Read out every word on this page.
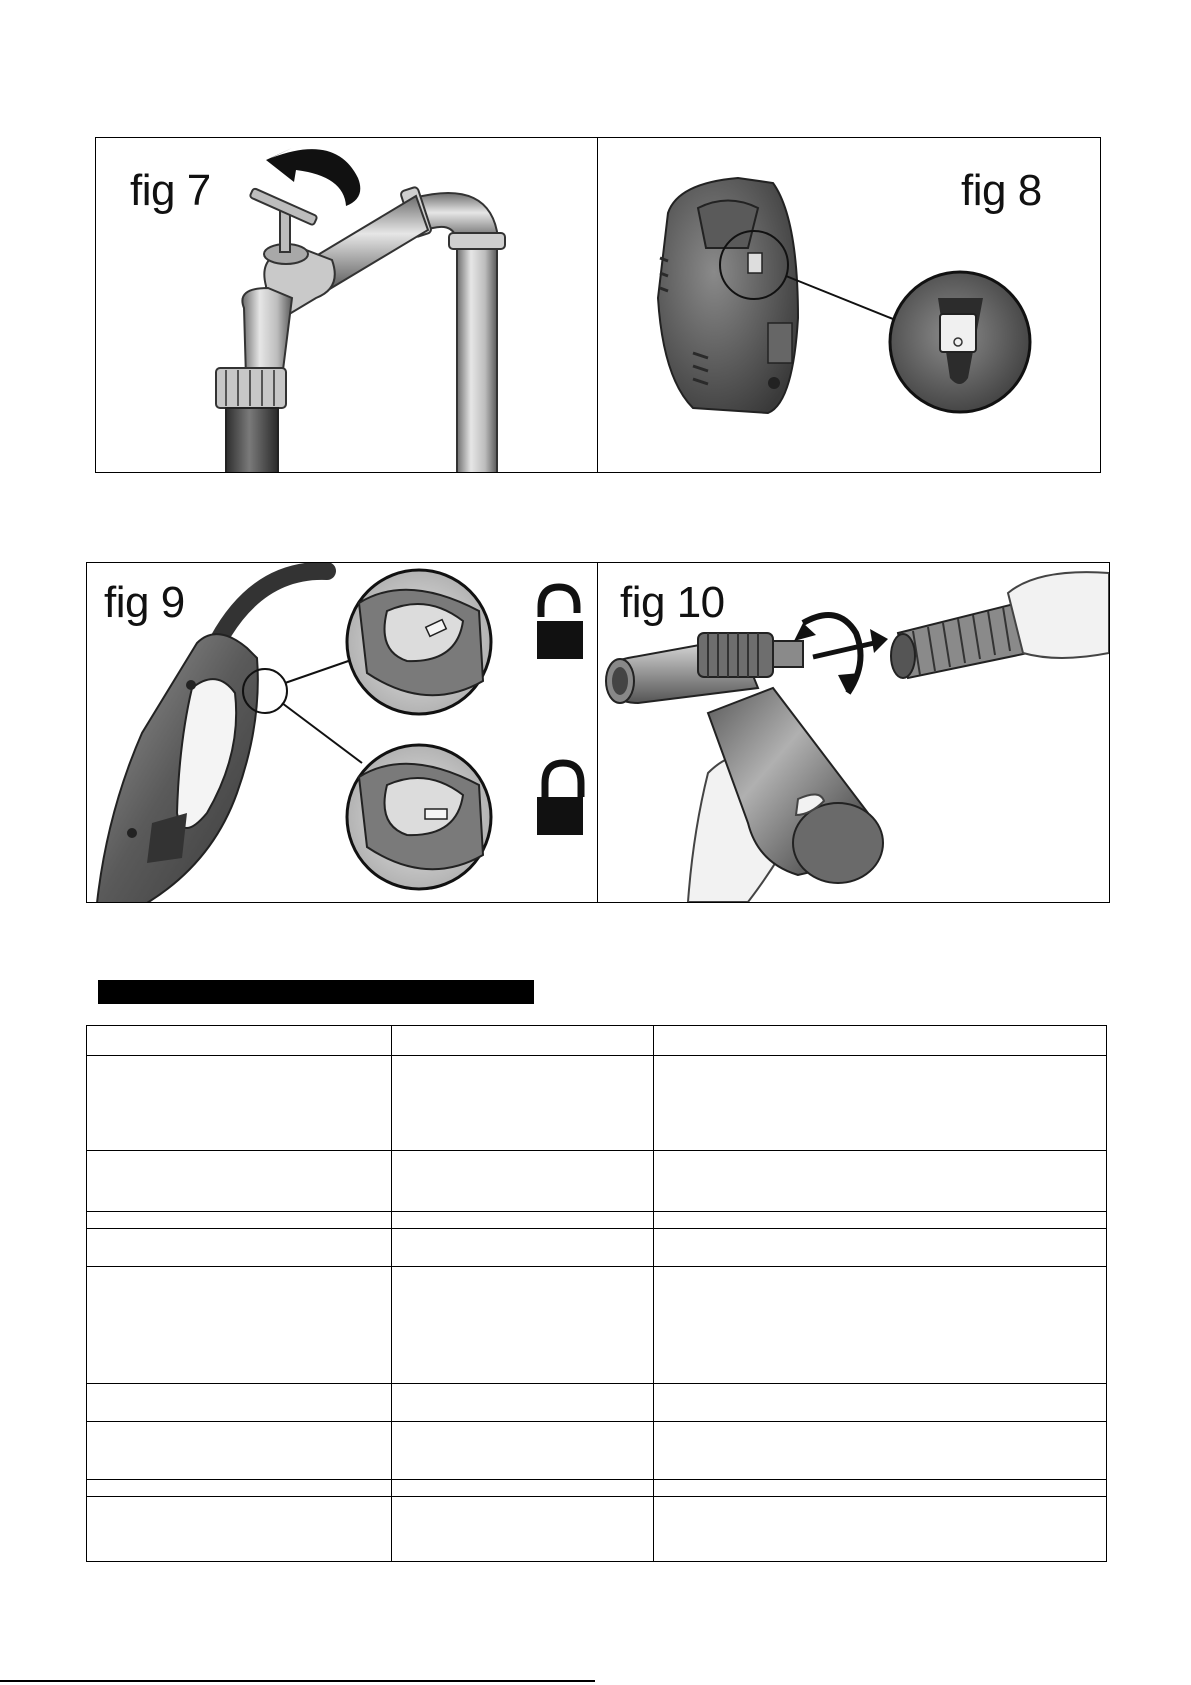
fig 7	fig 8
fig 9	fig 10
